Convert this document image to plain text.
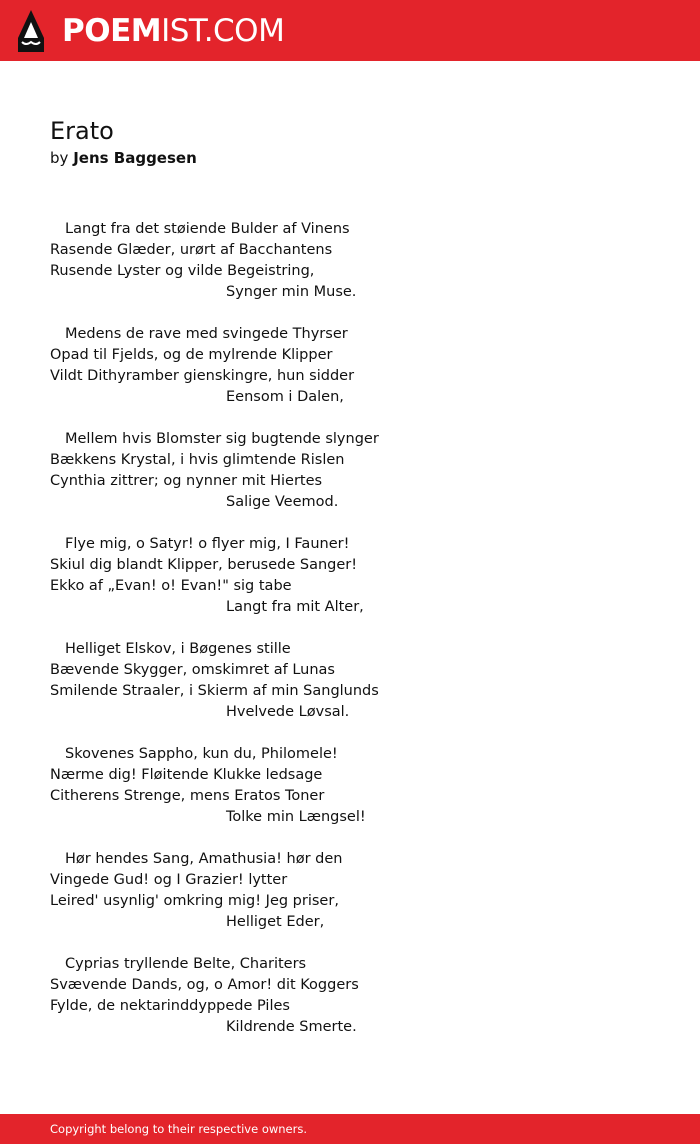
POEMIST.COM
Erato
by Jens Baggesen
Langt fra det støiende Bulder af Vinens
Rasende Glæder, urørt af Bacchantens
Rusende Lyster og vilde Begeistring,
Synger min Muse.
Medens de rave med svingede Thyrser
Opad til Fjelds, og de mylrende Klipper
Vildt Dithyramber gienskingre, hun sidder
Eensom i Dalen,
Mellem hvis Blomster sig bugtende slynger
Bækkens Krystal, i hvis glimtende Rislen
Cynthia zittrer; og nynner mit Hiertes
Salige Veemod.
Flye mig, o Satyr! o flyer mig, I Fauner!
Skiul dig blandt Klipper, berusede Sanger!
Ekko af „Evan! o! Evan!" sig tabe
Langt fra mit Alter,
Helliget Elskov, i Bøgenes stille
Bævende Skygger, omskimret af Lunas
Smilende Straaler, i Skierm af min Sanglunds
Hvelvede Løvsal.
Skovenes Sappho, kun du, Philomele!
Nærme dig! Fløitende Klukke ledsage
Citherens Strenge, mens Eratos Toner
Tolke min Længsel!
Hør hendes Sang, Amathusia! hør den
Vingede Gud! og I Grazier! lytter
Leired' usynlig' omkring mig! Jeg priser,
Helliget Eder,
Cyprias tryllende Belte, Chariters
Svævende Dands, og, o Amor! dit Koggers
Fylde, de nektarinddyppede Piles
Kildrende Smerte.
Copyright belong to their respective owners.
